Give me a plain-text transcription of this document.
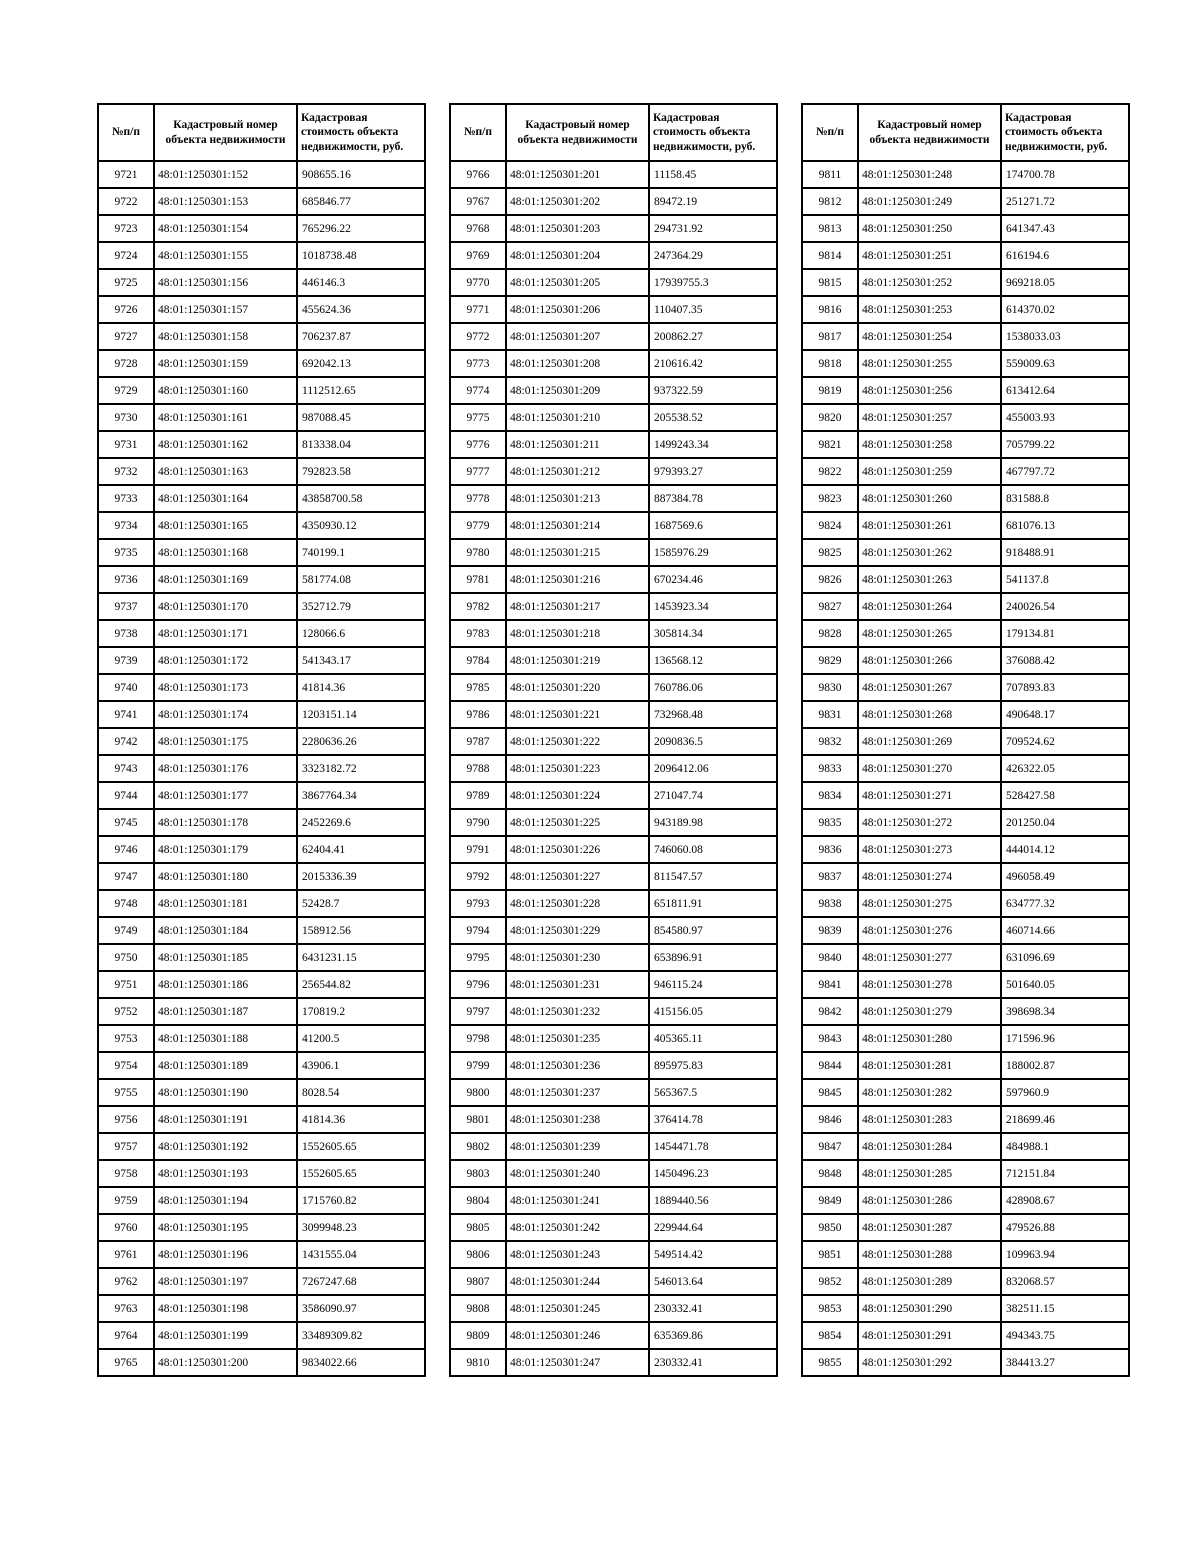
№п/п	Кадастровый номер объекта недвижимости	Кадастровая стоимость объекта недвижимости, руб.
9721	48:01:1250301:152	908655.16
9722	48:01:1250301:153	685846.77
9723	48:01:1250301:154	765296.22
9724	48:01:1250301:155	1018738.48
9725	48:01:1250301:156	446146.3
9726	48:01:1250301:157	455624.36
9727	48:01:1250301:158	706237.87
9728	48:01:1250301:159	692042.13
9729	48:01:1250301:160	1112512.65
9730	48:01:1250301:161	987088.45
9731	48:01:1250301:162	813338.04
9732	48:01:1250301:163	792823.58
9733	48:01:1250301:164	43858700.58
9734	48:01:1250301:165	4350930.12
9735	48:01:1250301:168	740199.1
9736	48:01:1250301:169	581774.08
9737	48:01:1250301:170	352712.79
9738	48:01:1250301:171	128066.6
9739	48:01:1250301:172	541343.17
9740	48:01:1250301:173	41814.36
9741	48:01:1250301:174	1203151.14
9742	48:01:1250301:175	2280636.26
9743	48:01:1250301:176	3323182.72
9744	48:01:1250301:177	3867764.34
9745	48:01:1250301:178	2452269.6
9746	48:01:1250301:179	62404.41
9747	48:01:1250301:180	2015336.39
9748	48:01:1250301:181	52428.7
9749	48:01:1250301:184	158912.56
9750	48:01:1250301:185	6431231.15
9751	48:01:1250301:186	256544.82
9752	48:01:1250301:187	170819.2
9753	48:01:1250301:188	41200.5
9754	48:01:1250301:189	43906.1
9755	48:01:1250301:190	8028.54
9756	48:01:1250301:191	41814.36
9757	48:01:1250301:192	1552605.65
9758	48:01:1250301:193	1552605.65
9759	48:01:1250301:194	1715760.82
9760	48:01:1250301:195	3099948.23
9761	48:01:1250301:196	1431555.04
9762	48:01:1250301:197	7267247.68
9763	48:01:1250301:198	3586090.97
9764	48:01:1250301:199	33489309.82
9765	48:01:1250301:200	9834022.66
№п/п	Кадастровый номер объекта недвижимости	Кадастровая стоимость объекта недвижимости, руб.
9766	48:01:1250301:201	11158.45
9767	48:01:1250301:202	89472.19
9768	48:01:1250301:203	294731.92
9769	48:01:1250301:204	247364.29
9770	48:01:1250301:205	17939755.3
9771	48:01:1250301:206	110407.35
9772	48:01:1250301:207	200862.27
9773	48:01:1250301:208	210616.42
9774	48:01:1250301:209	937322.59
9775	48:01:1250301:210	205538.52
9776	48:01:1250301:211	1499243.34
9777	48:01:1250301:212	979393.27
9778	48:01:1250301:213	887384.78
9779	48:01:1250301:214	1687569.6
9780	48:01:1250301:215	1585976.29
9781	48:01:1250301:216	670234.46
9782	48:01:1250301:217	1453923.34
9783	48:01:1250301:218	305814.34
9784	48:01:1250301:219	136568.12
9785	48:01:1250301:220	760786.06
9786	48:01:1250301:221	732968.48
9787	48:01:1250301:222	2090836.5
9788	48:01:1250301:223	2096412.06
9789	48:01:1250301:224	271047.74
9790	48:01:1250301:225	943189.98
9791	48:01:1250301:226	746060.08
9792	48:01:1250301:227	811547.57
9793	48:01:1250301:228	651811.91
9794	48:01:1250301:229	854580.97
9795	48:01:1250301:230	653896.91
9796	48:01:1250301:231	946115.24
9797	48:01:1250301:232	415156.05
9798	48:01:1250301:235	405365.11
9799	48:01:1250301:236	895975.83
9800	48:01:1250301:237	565367.5
9801	48:01:1250301:238	376414.78
9802	48:01:1250301:239	1454471.78
9803	48:01:1250301:240	1450496.23
9804	48:01:1250301:241	1889440.56
9805	48:01:1250301:242	229944.64
9806	48:01:1250301:243	549514.42
9807	48:01:1250301:244	546013.64
9808	48:01:1250301:245	230332.41
9809	48:01:1250301:246	635369.86
9810	48:01:1250301:247	230332.41
№п/п	Кадастровый номер объекта недвижимости	Кадастровая стоимость объекта недвижимости, руб.
9811	48:01:1250301:248	174700.78
9812	48:01:1250301:249	251271.72
9813	48:01:1250301:250	641347.43
9814	48:01:1250301:251	616194.6
9815	48:01:1250301:252	969218.05
9816	48:01:1250301:253	614370.02
9817	48:01:1250301:254	1538033.03
9818	48:01:1250301:255	559009.63
9819	48:01:1250301:256	613412.64
9820	48:01:1250301:257	455003.93
9821	48:01:1250301:258	705799.22
9822	48:01:1250301:259	467797.72
9823	48:01:1250301:260	831588.8
9824	48:01:1250301:261	681076.13
9825	48:01:1250301:262	918488.91
9826	48:01:1250301:263	541137.8
9827	48:01:1250301:264	240026.54
9828	48:01:1250301:265	179134.81
9829	48:01:1250301:266	376088.42
9830	48:01:1250301:267	707893.83
9831	48:01:1250301:268	490648.17
9832	48:01:1250301:269	709524.62
9833	48:01:1250301:270	426322.05
9834	48:01:1250301:271	528427.58
9835	48:01:1250301:272	201250.04
9836	48:01:1250301:273	444014.12
9837	48:01:1250301:274	496058.49
9838	48:01:1250301:275	634777.32
9839	48:01:1250301:276	460714.66
9840	48:01:1250301:277	631096.69
9841	48:01:1250301:278	501640.05
9842	48:01:1250301:279	398698.34
9843	48:01:1250301:280	171596.96
9844	48:01:1250301:281	188002.87
9845	48:01:1250301:282	597960.9
9846	48:01:1250301:283	218699.46
9847	48:01:1250301:284	484988.1
9848	48:01:1250301:285	712151.84
9849	48:01:1250301:286	428908.67
9850	48:01:1250301:287	479526.88
9851	48:01:1250301:288	109963.94
9852	48:01:1250301:289	832068.57
9853	48:01:1250301:290	382511.15
9854	48:01:1250301:291	494343.75
9855	48:01:1250301:292	384413.27
